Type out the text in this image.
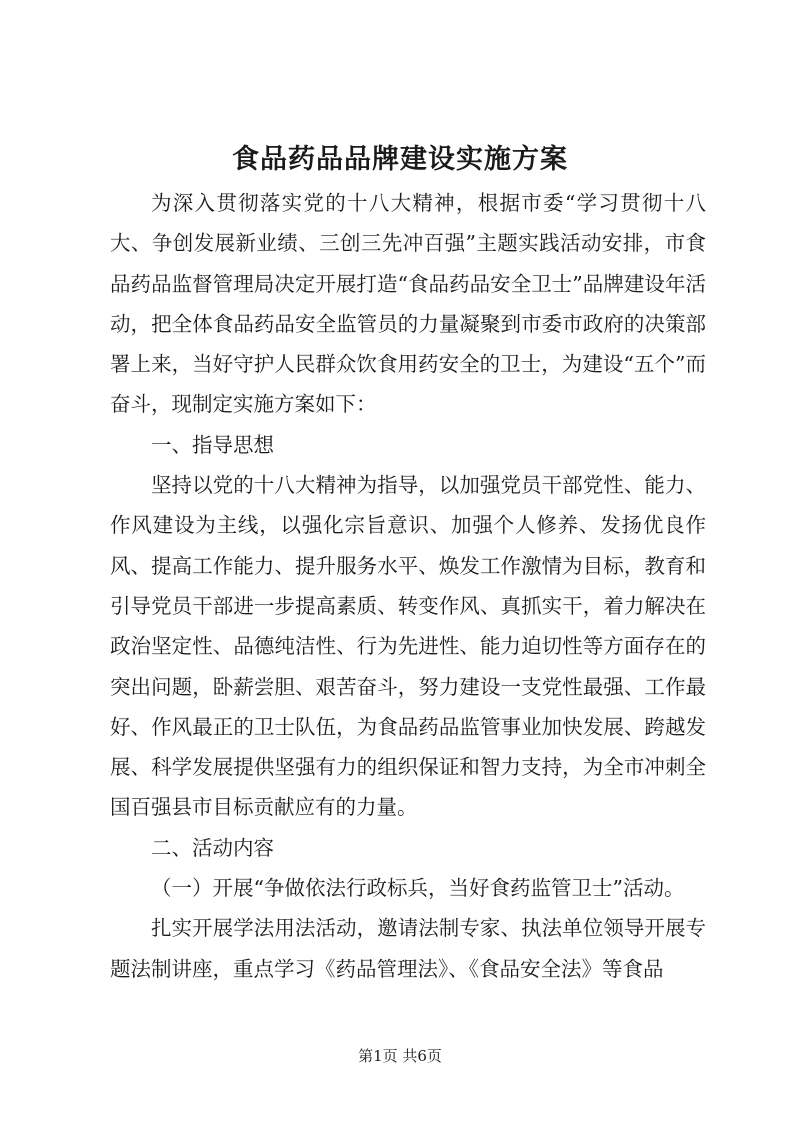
食品药品品牌建设实施方案

为深入贯彻落实党的十八大精神，根据市委“学习贯彻十八大、争创发展新业绩、三创三先冲百强”主题实践活动安排，市食品药品监督管理局决定开展打造“食品药品安全卫士”品牌建设年活动，把全体食品药品安全监管员的力量凝聚到市委市政府的决策部署上来，当好守护人民群众饮食用药安全的卫士，为建设“五个”而奋斗，现制定实施方案如下：

一、指导思想

坚持以党的十八大精神为指导，以加强党员干部党性、能力、作风建设为主线，以强化宗旨意识、加强个人修养、发扬优良作风、提高工作能力、提升服务水平、焕发工作激情为目标，教育和引导党员干部进一步提高素质、转变作风、真抓实干，着力解决在政治坚定性、品德纯洁性、行为先进性、能力迫切性等方面存在的突出问题，卧薪尝胆、艰苦奋斗，努力建设一支党性最强、工作最好、作风最正的卫士队伍，为食品药品监管事业加快发展、跨越发展、科学发展提供坚强有力的组织保证和智力支持，为全市冲刺全国百强县市目标贡献应有的力量。

二、活动内容

（一）开展“争做依法行政标兵，当好食药监管卫士”活动。

扎实开展学法用法活动，邀请法制专家、执法单位领导开展专题法制讲座，重点学习《药品管理法》、《食品安全法》等食品

第1页 共6页
